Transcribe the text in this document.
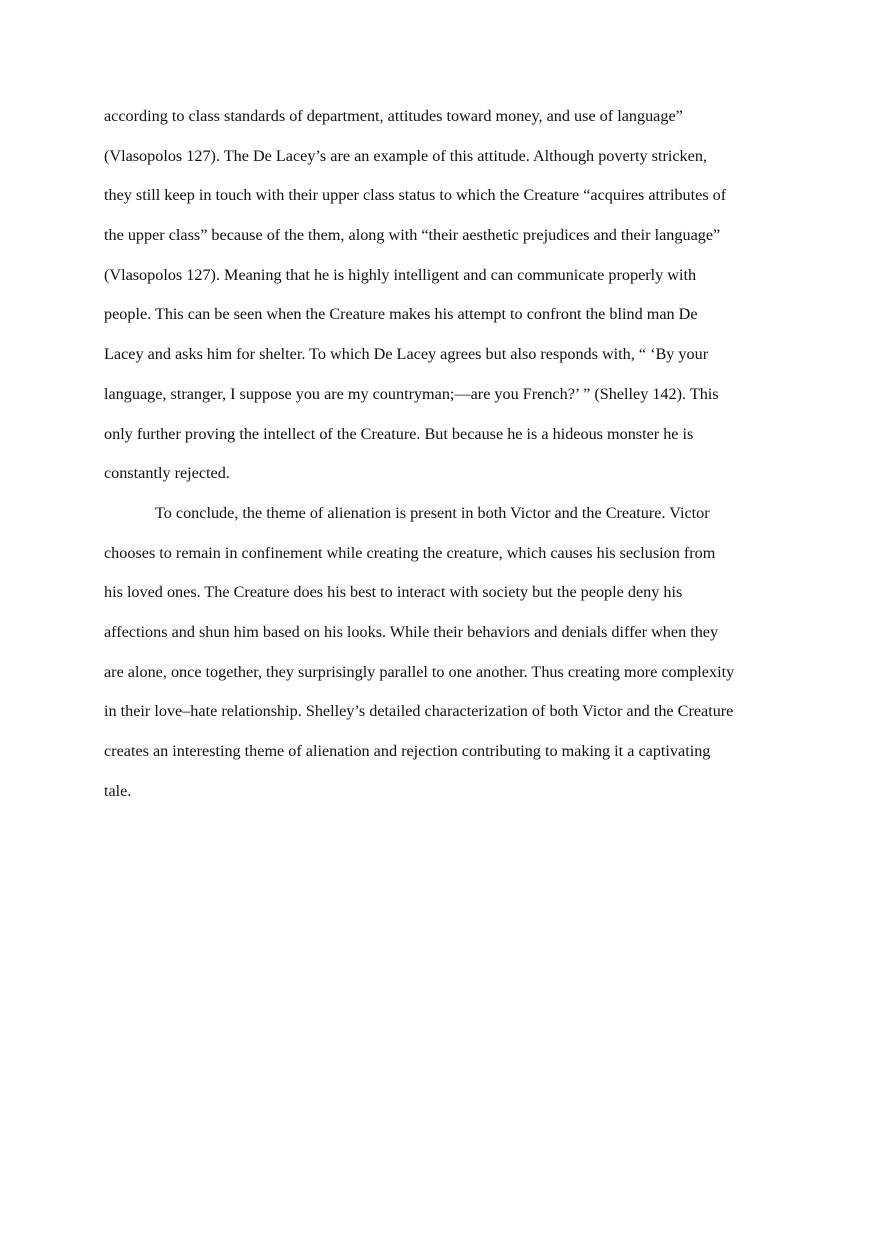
according to class standards of department, attitudes toward money, and use of language”
(Vlasopolos 127). The De Lacey’s are an example of this attitude. Although poverty stricken,
they still keep in touch with their upper class status to which the Creature “acquires attributes of
the upper class” because of the them, along with “their aesthetic prejudices and their language”
(Vlasopolos 127). Meaning that he is highly intelligent and can communicate properly with
people. This can be seen when the Creature makes his attempt to confront the blind man De
Lacey and asks him for shelter. To which De Lacey agrees but also responds with, “ ‘By your
language, stranger, I suppose you are my countryman;—are you French?’ ” (Shelley 142). This
only further proving the intellect of the Creature. But because he is a hideous monster he is
constantly rejected.
To conclude, the theme of alienation is present in both Victor and the Creature. Victor
chooses to remain in confinement while creating the creature, which causes his seclusion from
his loved ones. The Creature does his best to interact with society but the people deny his
affections and shun him based on his looks. While their behaviors and denials differ when they
are alone, once together, they surprisingly parallel to one another. Thus creating more complexity
in their love–hate relationship. Shelley’s detailed characterization of both Victor and the Creature
creates an interesting theme of alienation and rejection contributing to making it a captivating
tale.
